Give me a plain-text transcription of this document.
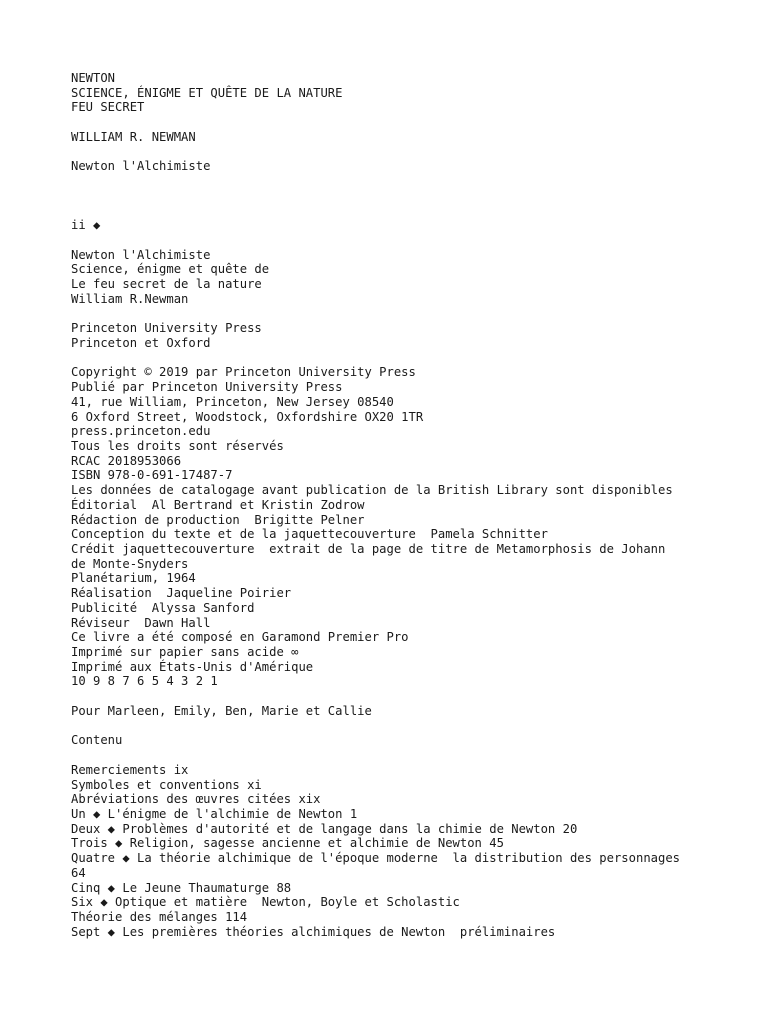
NEWTON
SCIENCE, ÉNIGME ET QUÊTE DE LA NATURE
FEU SECRET
WILLIAM R. NEWMAN
Newton l'Alchimiste
ii ◆
Newton l'Alchimiste
Science, énigme et quête de
Le feu secret de la nature
William R.Newman
Princeton University Press
Princeton et Oxford
Copyright © 2019 par Princeton University Press
Publié par Princeton University Press
41, rue William, Princeton, New Jersey 08540
6 Oxford Street, Woodstock, Oxfordshire OX20 1TR
press.princeton.edu
Tous les droits sont réservés
RCAC 2018953066
ISBN 978-0-691-17487-7
Les données de catalogage avant publication de la British Library sont disponibles
Éditorial  Al Bertrand et Kristin Zodrow
Rédaction de production  Brigitte Pelner
Conception du texte et de la jaquettecouverture  Pamela Schnitter
Crédit jaquettecouverture  extrait de la page de titre de Metamorphosis de Johann
de Monte-Snyders
Planétarium, 1964
Réalisation  Jaqueline Poirier
Publicité  Alyssa Sanford
Réviseur  Dawn Hall
Ce livre a été composé en Garamond Premier Pro
Imprimé sur papier sans acide ∞
Imprimé aux États-Unis d'Amérique
10 9 8 7 6 5 4 3 2 1
Pour Marleen, Emily, Ben, Marie et Callie
Contenu
Remerciements ix
Symboles et conventions xi
Abréviations des œuvres citées xix
Un ◆ L'énigme de l'alchimie de Newton 1
Deux ◆ Problèmes d'autorité et de langage dans la chimie de Newton 20
Trois ◆ Religion, sagesse ancienne et alchimie de Newton 45
Quatre ◆ La théorie alchimique de l'époque moderne  la distribution des personnages
64
Cinq ◆ Le Jeune Thaumaturge 88
Six ◆ Optique et matière  Newton, Boyle et Scholastic
Théorie des mélanges 114
Sept ◆ Les premières théories alchimiques de Newton  préliminaires
